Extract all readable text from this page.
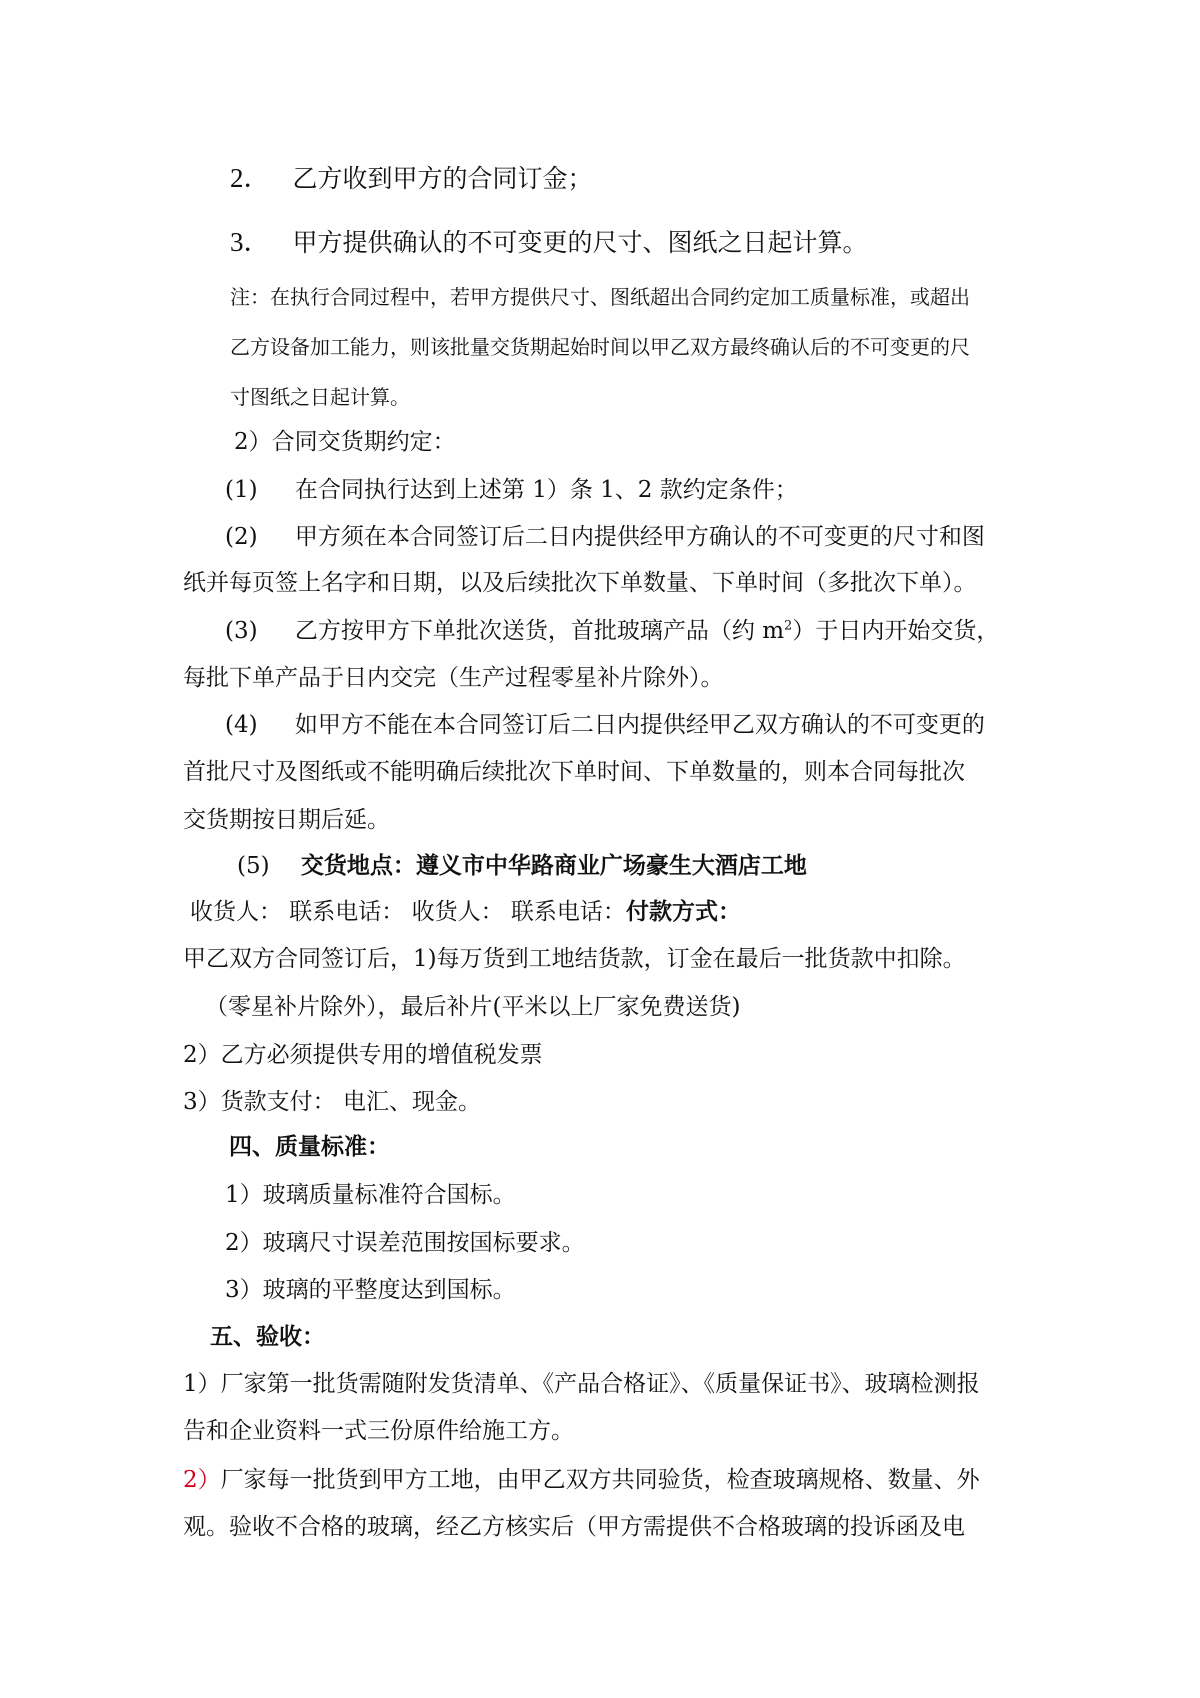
2． 乙方收到甲方的合同订金；
3． 甲方提供确认的不可变更的尺寸、图纸之日起计算。
注：在执行合同过程中，若甲方提供尺寸、图纸超出合同约定加工质量标准，或超出
乙方设备加工能力，则该批量交货期起始时间以甲乙双方最终确认后的不可变更的尺
寸图纸之日起计算。
2）合同交货期约定：
(1) 在合同执行达到上述第 1）条 1、2 款约定条件；
(2) 甲方须在本合同签订后二日内提供经甲方确认的不可变更的尺寸和图
纸并每页签上名字和日期，以及后续批次下单数量、下单时间（多批次下单）。
(3) 乙方按甲方下单批次送货，首批玻璃产品（约 $m^2$）于日内开始交货，
每批下单产品于日内交完（生产过程零星补片除外）。
(4) 如甲方不能在本合同签订后二日内提供经甲乙双方确认的不可变更的
首批尺寸及图纸或不能明确后续批次下单时间、下单数量的，则本合同每批次
交货期按日期后延。
(5) 交货地点：遵义市中华路商业广场豪生大酒店工地
收货人： 联系电话： 收货人： 联系电话：付款方式：
甲乙双方合同签订后，1)每万货到工地结货款，订金在最后一批货款中扣除。
（零星补片除外），最后补片(平米以上厂家免费送货)
2）乙方必须提供专用的增值税发票
3）货款支付： 电汇、现金。
四、质量标准：
1）玻璃质量标准符合国标。
2）玻璃尺寸误差范围按国标要求。
3）玻璃的平整度达到国标。
五、验收：
1）厂家第一批货需随附发货清单、《产品合格证》、《质量保证书》、玻璃检测报
告和企业资料一式三份原件给施工方。
2）厂家每一批货到甲方工地，由甲乙双方共同验货，检查玻璃规格、数量、外
观。验收不合格的玻璃，经乙方核实后（甲方需提供不合格玻璃的投诉函及电
